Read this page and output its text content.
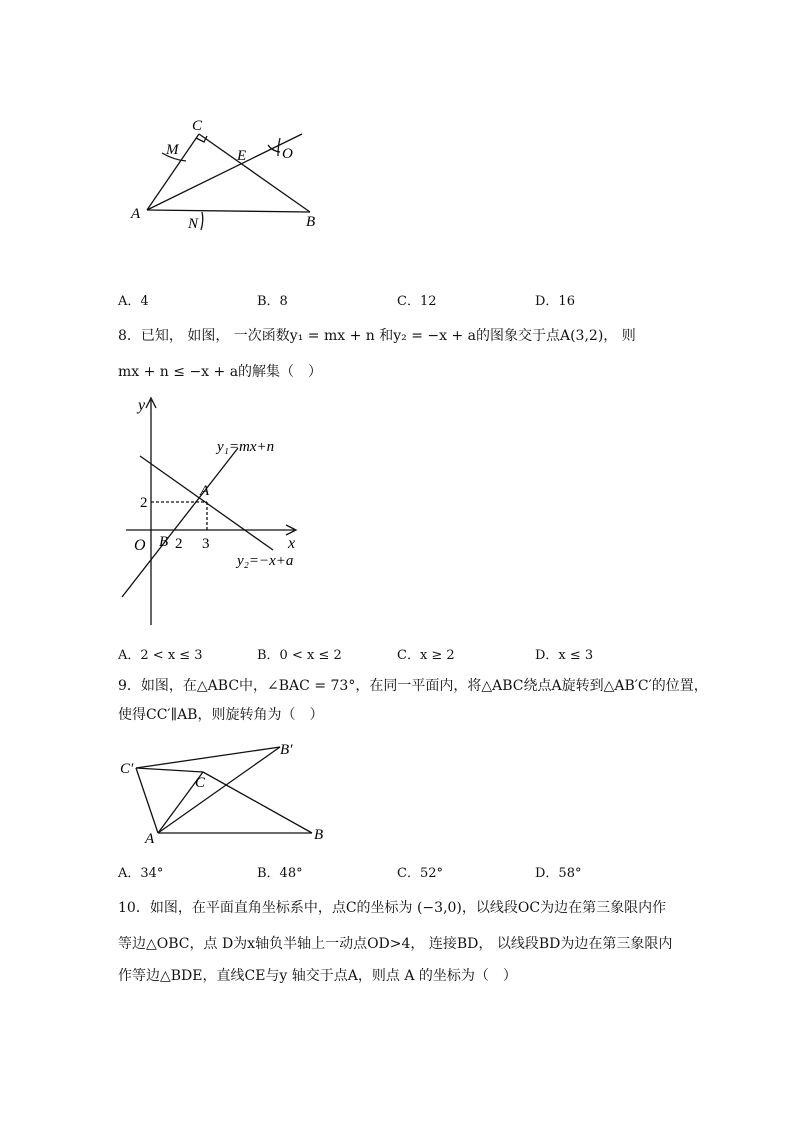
C
M	E O
A
N	B
A．4	B．8	C．12	D．16
8．已知， 如图， 一次函数y₁ = mx + n 和y₂ = −x + a的图象交于点A(3,2)， 则
mx + n ≤ −x + a的解集（　）
y
x
O B 2 3
2
A
y₁=mx+n
y₂=−x+a
A．2 < x ≤ 3	B．0 < x ≤ 2	C．x ≥ 2	D．x ≤ 3
9．如图，在△ABC中，∠BAC = 73°，在同一平面内，将△ABC绕点A旋转到△AB′C′的位置，
使得CC′∥AB，则旋转角为（　）
C′
B′
C
A	B
A．34°	B．48°	C．52°	D．58°
10．如图，在平面直角坐标系中，点C的坐标为 (−3,0)，以线段OC为边在第三象限内作
等边△OBC，点 D为x轴负半轴上一动点OD>4， 连接BD， 以线段BD为边在第三象限内
作等边△BDE，直线CE与y 轴交于点A，则点 A 的坐标为（　）
